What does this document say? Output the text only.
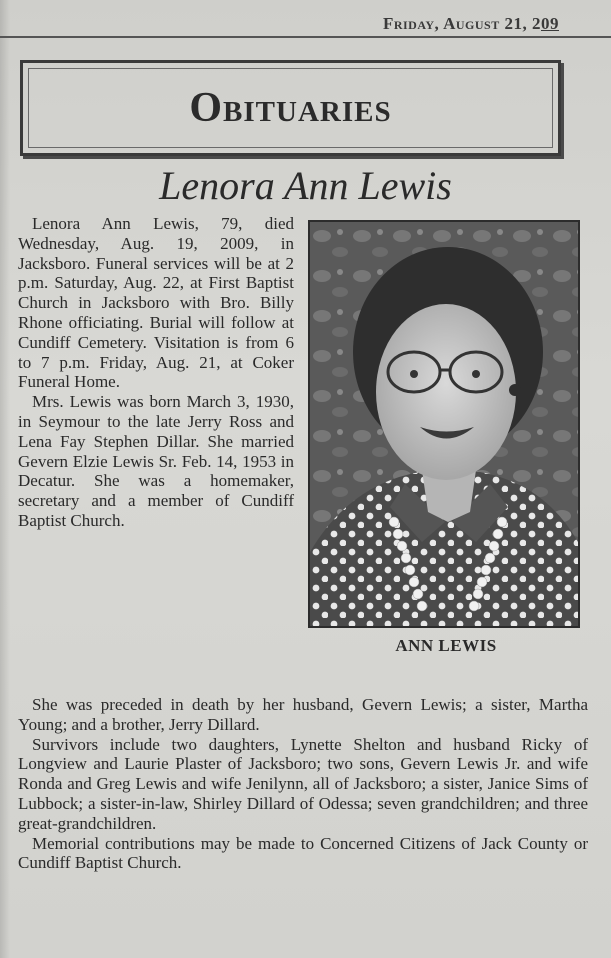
Friday, August 21, 209
Obituaries
Lenora Ann Lewis

Lenora Ann Lewis, 79, died Wednesday, Aug. 19, 2009, in Jacksboro. Funeral services will be at 2 p.m. Saturday, Aug. 22, at First Baptist Church in Jacksboro with Bro. Billy Rhone officiating. Burial will follow at Cundiff Cemetery. Visitation is from 6 to 7 p.m. Friday, Aug. 21, at Coker Funeral Home.

Mrs. Lewis was born March 3, 1930, in Seymour to the late Jerry Ross and Lena Fay Stephen Dillar. She married Gevern Elzie Lewis Sr. Feb. 14, 1953 in Decatur. She was a homemaker, secretary and a member of Cundiff Baptist Church.

ANN LEWIS

She was preceded in death by her husband, Gevern Lewis; a sister, Martha Young; and a brother, Jerry Dillard.

Survivors include two daughters, Lynette Shelton and husband Ricky of Longview and Laurie Plaster of Jacksboro; two sons, Gevern Lewis Jr. and wife Ronda and Greg Lewis and wife Jenilynn, all of Jacksboro; a sister, Janice Sims of Lubbock; a sister-in-law, Shirley Dillard of Odessa; seven grandchildren; and three great-grandchildren.

Memorial contributions may be made to Concerned Citizens of Jack County or Cundiff Baptist Church.
